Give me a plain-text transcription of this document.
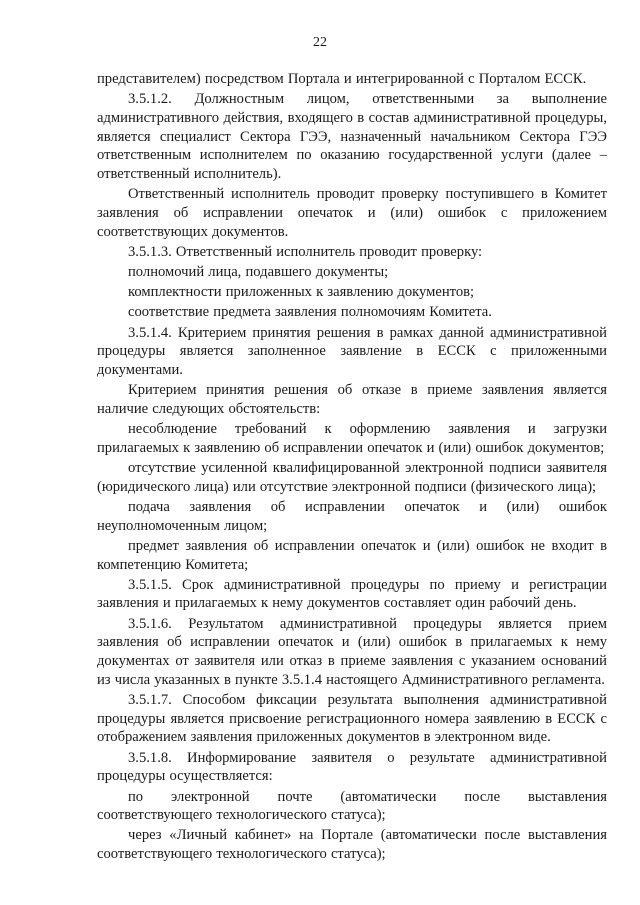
22

представителем) посредством Портала и интегрированной с Порталом ЕССК.

3.5.1.2. Должностным лицом, ответственными за выполнение административного действия, входящего в состав административной процедуры, является специалист Сектора ГЭЭ, назначенный начальником Сектора ГЭЭ ответственным исполнителем по оказанию государственной услуги (далее – ответственный исполнитель).

Ответственный исполнитель проводит проверку поступившего в Комитет заявления об исправлении опечаток и (или) ошибок с приложением соответствующих документов.

3.5.1.3. Ответственный исполнитель проводит проверку:

полномочий лица, подавшего документы;

комплектности приложенных к заявлению документов;

соответствие предмета заявления полномочиям Комитета.

3.5.1.4. Критерием принятия решения в рамках данной административной процедуры является заполненное заявление в ЕССК с приложенными документами.

Критерием принятия решения об отказе в приеме заявления является наличие следующих обстоятельств:

несоблюдение требований к оформлению заявления и загрузки прилагаемых к заявлению об исправлении опечаток и (или) ошибок документов;

отсутствие усиленной квалифицированной электронной подписи заявителя (юридического лица) или отсутствие электронной подписи (физического лица);

подача заявления об исправлении опечаток и (или) ошибок неуполномоченным лицом;

предмет заявления об исправлении опечаток и (или) ошибок не входит в компетенцию Комитета;

3.5.1.5. Срок административной процедуры по приему и регистрации заявления и прилагаемых к нему документов составляет один рабочий день.

3.5.1.6. Результатом административной процедуры является прием заявления об исправлении опечаток и (или) ошибок в прилагаемых к нему документах от заявителя или отказ в приеме заявления с указанием оснований из числа указанных в пункте 3.5.1.4 настоящего Административного регламента.

3.5.1.7. Способом фиксации результата выполнения административной процедуры является присвоение регистрационного номера заявлению в ЕССК с отображением заявления приложенных документов в электронном виде.

3.5.1.8. Информирование заявителя о результате административной процедуры осуществляется:

по электронной почте (автоматически после выставления соответствующего технологического статуса);

через «Личный кабинет» на Портале (автоматически после выставления соответствующего технологического статуса);
